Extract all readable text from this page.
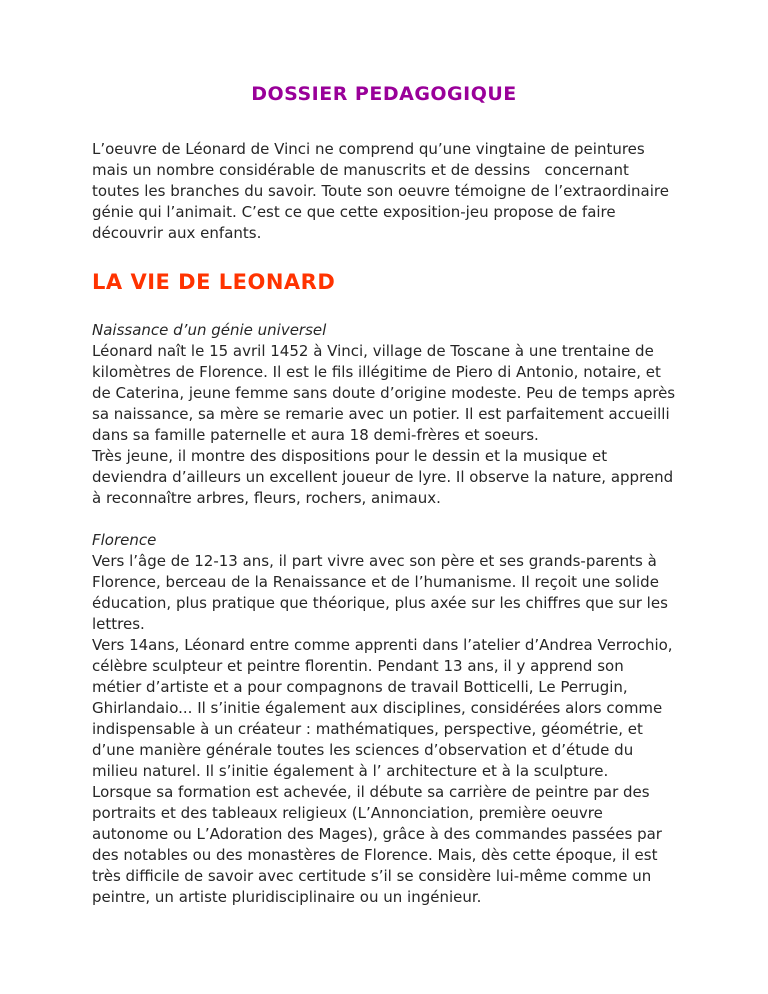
DOSSIER PEDAGOGIQUE

L’oeuvre de Léonard de Vinci ne comprend qu’une vingtaine de peintures mais un nombre considérable de manuscrits et de dessins   concernant toutes les branches du savoir. Toute son oeuvre témoigne de l’extraordinaire génie qui l’animait. C’est ce que cette exposition-jeu propose de faire découvrir aux enfants.

LA VIE DE LEONARD

Naissance d’un génie universel

Léonard naît le 15 avril 1452 à Vinci, village de Toscane à une trentaine de kilomètres de Florence. Il est le fils illégitime de Piero di Antonio, notaire, et de Caterina, jeune femme sans doute d’origine modeste. Peu de temps après sa naissance, sa mère se remarie avec un potier. Il est parfaitement accueilli dans sa famille paternelle et aura 18 demi-frères et soeurs.

Très jeune, il montre des dispositions pour le dessin et la musique et deviendra d’ailleurs un excellent joueur de lyre. Il observe la nature, apprend à reconnaître arbres, fleurs, rochers, animaux.

Florence

Vers l’âge de 12-13 ans, il part vivre avec son père et ses grands-parents à Florence, berceau de la Renaissance et de l’humanisme. Il reçoit une solide éducation, plus pratique que théorique, plus axée sur les chiffres que sur les lettres.

Vers 14ans, Léonard entre comme apprenti dans l’atelier d’Andrea Verrochio, célèbre sculpteur et peintre florentin. Pendant 13 ans, il y apprend son métier d’artiste et a pour compagnons de travail Botticelli, Le Perrugin, Ghirlandaio... Il s’initie également aux disciplines, considérées alors comme indispensable à un créateur : mathématiques, perspective, géométrie, et d’une manière générale toutes les sciences d’observation et d’étude du milieu naturel. Il s’initie également à l’ architecture et à la sculpture.

Lorsque sa formation est achevée, il débute sa carrière de peintre par des portraits et des tableaux religieux (L’Annonciation, première oeuvre autonome ou L’Adoration des Mages), grâce à des commandes passées par des notables ou des monastères de Florence. Mais, dès cette époque, il est très difficile de savoir avec certitude s’il se considère lui-même comme un peintre, un artiste pluridisciplinaire ou un ingénieur.
